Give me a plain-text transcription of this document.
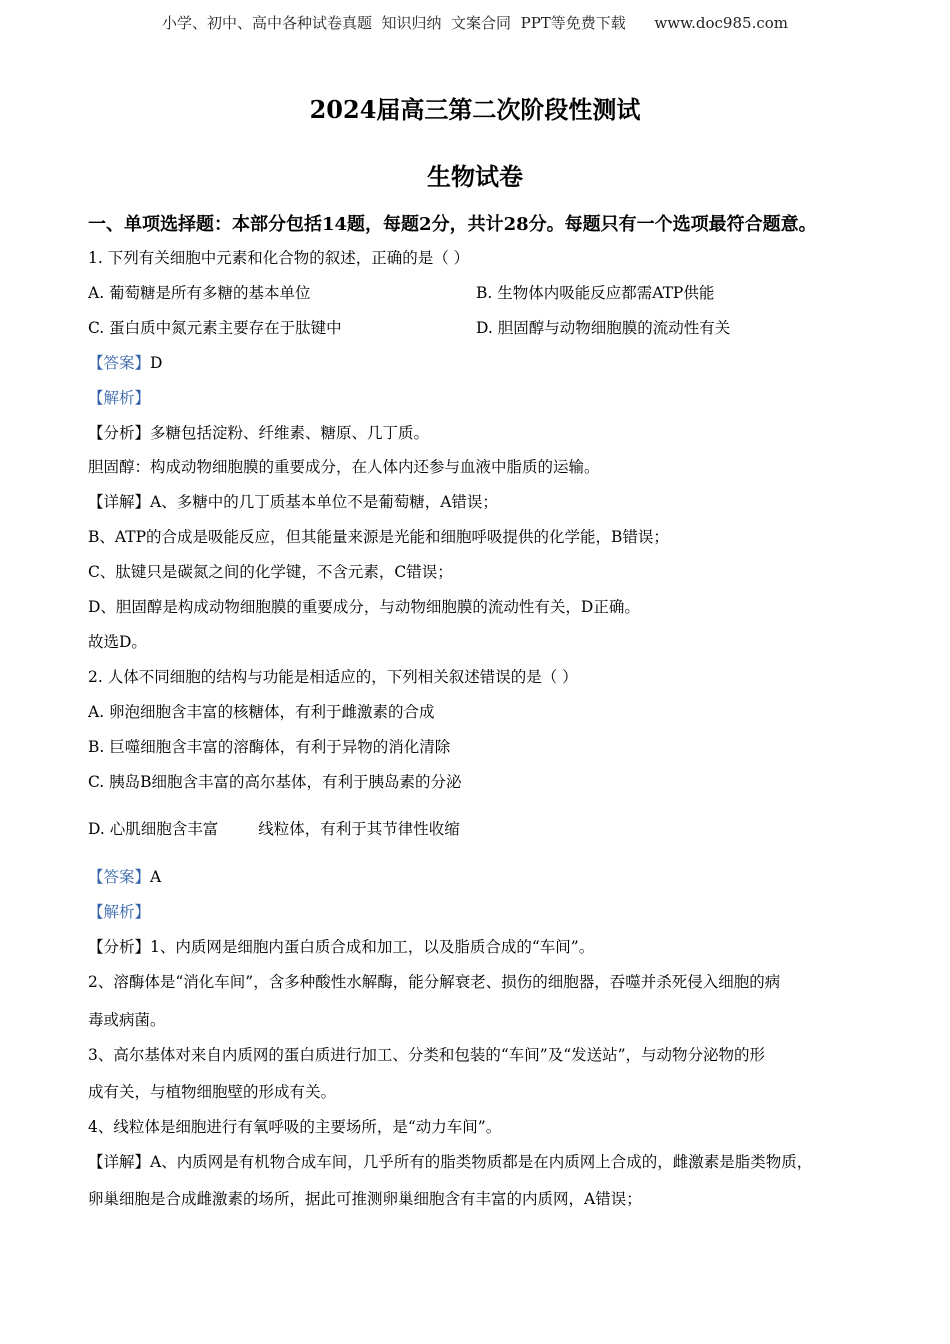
小学、初中、高中各种试卷真题  知识归纳  文案合同  PPT等免费下载      www.doc985.com
2024届高三第二次阶段性测试
生物试卷
一、单项选择题：本部分包括14题，每题2分，共计28分。每题只有一个选项最符合题意。
1. 下列有关细胞中元素和化合物的叙述，正确的是（ ）
A. 葡萄糖是所有多糖的基本单位	B. 生物体内吸能反应都需ATP供能
C. 蛋白质中氮元素主要存在于肽键中	D. 胆固醇与动物细胞膜的流动性有关
【答案】D
【解析】
【分析】多糖包括淀粉、纤维素、糖原、几丁质。
胆固醇：构成动物细胞膜的重要成分，在人体内还参与血液中脂质的运输。
【详解】A、多糖中的几丁质基本单位不是葡萄糖，A错误；
B、ATP的合成是吸能反应，但其能量来源是光能和细胞呼吸提供的化学能，B错误；
C、肽键只是碳氮之间的化学键，不含元素，C错误；
D、胆固醇是构成动物细胞膜的重要成分，与动物细胞膜的流动性有关，D正确。
故选D。
2. 人体不同细胞的结构与功能是相适应的，下列相关叙述错误的是（ ）
A. 卵泡细胞含丰富的核糖体，有利于雌激素的合成
B. 巨噬细胞含丰富的溶酶体，有利于异物的消化清除
C. 胰岛B细胞含丰富的高尔基体，有利于胰岛素的分泌
D. 心肌细胞含丰富	线粒体，有利于其节律性收缩
【答案】A
【解析】
【分析】1、内质网是细胞内蛋白质合成和加工，以及脂质合成的“车间”。
2、溶酶体是“消化车间”，含多种酸性水解酶，能分解衰老、损伤的细胞器，吞噬并杀死侵入细胞的病
毒或病菌。
3、高尔基体对来自内质网的蛋白质进行加工、分类和包装的“车间”及“发送站”，与动物分泌物的形
成有关，与植物细胞壁的形成有关。
4、线粒体是细胞进行有氧呼吸的主要场所，是“动力车间”。
【详解】A、内质网是有机物合成车间，几乎所有的脂类物质都是在内质网上合成的，雌激素是脂类物质，
卵巢细胞是合成雌激素的场所，据此可推测卵巢细胞含有丰富的内质网，A错误；
